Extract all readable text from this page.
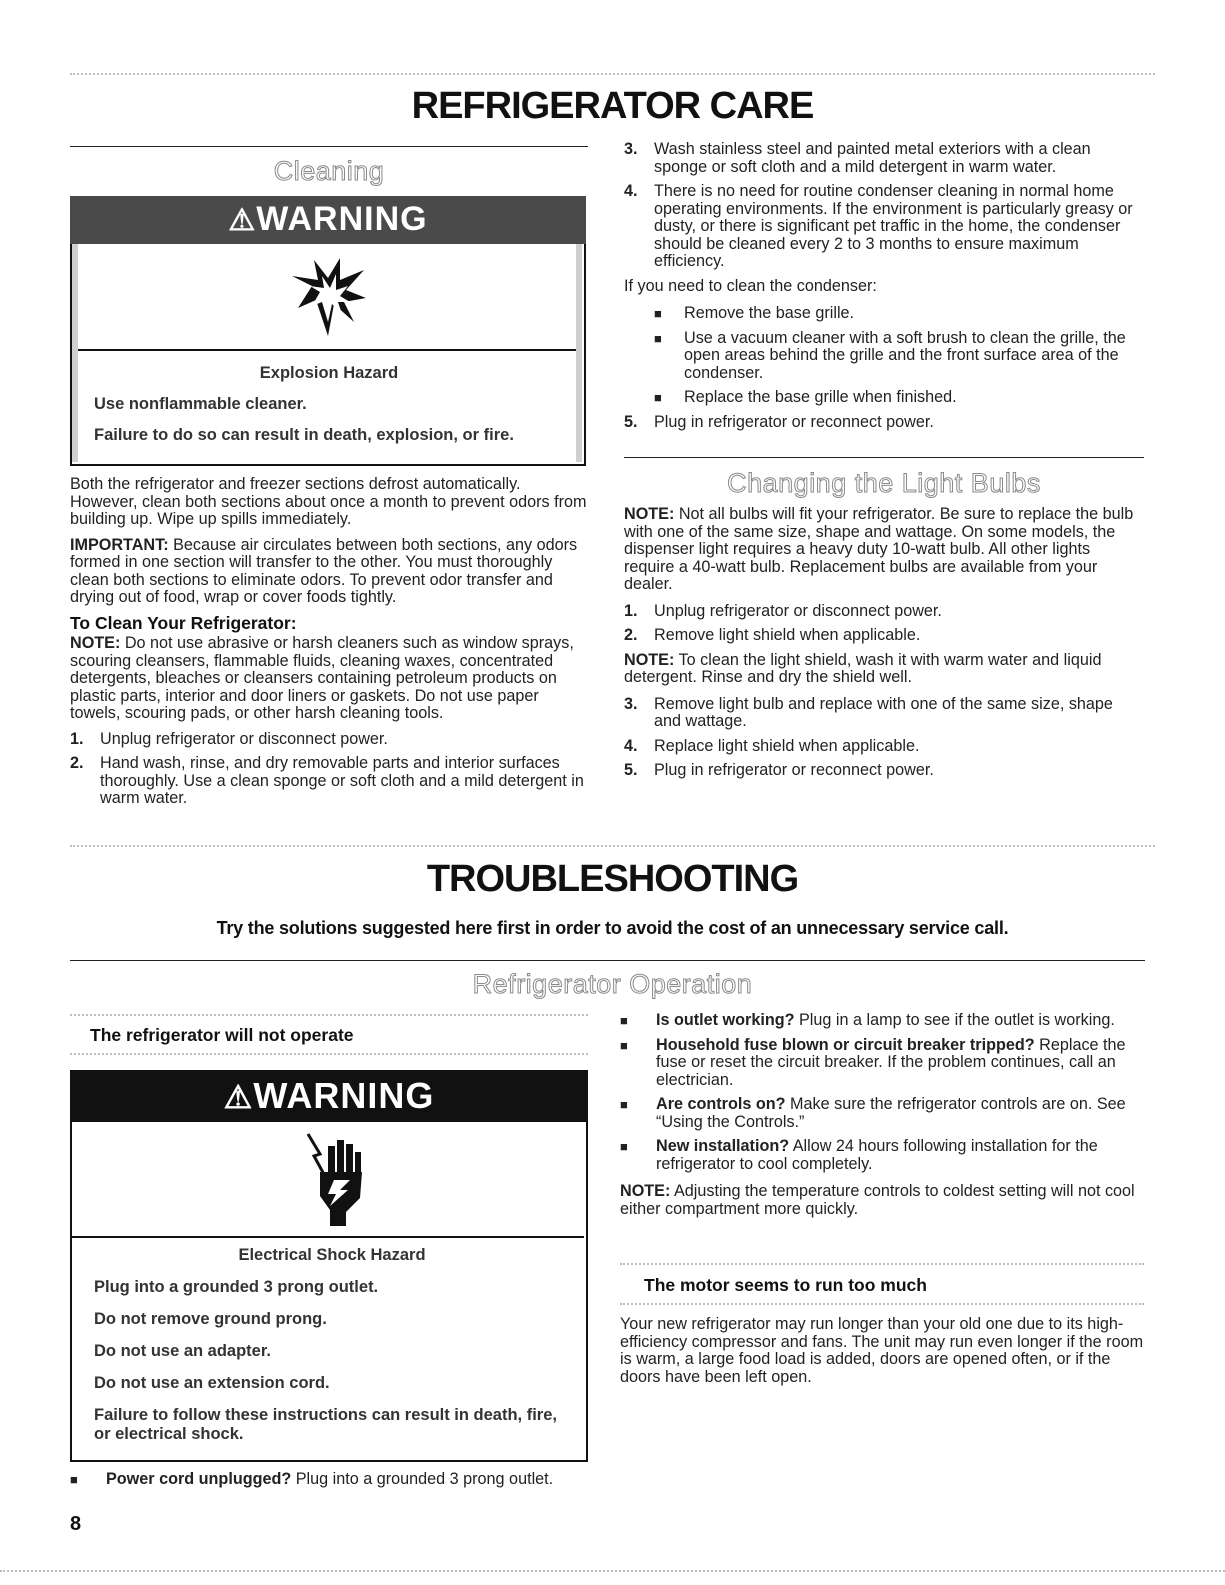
REFRIGERATOR CARE
Cleaning
⚠WARNING

Explosion Hazard

Use nonflammable cleaner.

Failure to do so can result in death, explosion, or fire.

Both the refrigerator and freezer sections defrost automatically. However, clean both sections about once a month to prevent odors from building up. Wipe up spills immediately.

IMPORTANT: Because air circulates between both sections, any odors formed in one section will transfer to the other. You must thoroughly clean both sections to eliminate odors. To prevent odor transfer and drying out of food, wrap or cover foods tightly.

To Clean Your Refrigerator:

NOTE: Do not use abrasive or harsh cleaners such as window sprays, scouring cleansers, flammable fluids, cleaning waxes, concentrated detergents, bleaches or cleansers containing petroleum products on plastic parts, interior and door liners or gaskets. Do not use paper towels, scouring pads, or other harsh cleaning tools.

1.	Unplug refrigerator or disconnect power.
2.	Hand wash, rinse, and dry removable parts and interior surfaces thoroughly. Use a clean sponge or soft cloth and a mild detergent in warm water.
3.	Wash stainless steel and painted metal exteriors with a clean sponge or soft cloth and a mild detergent in warm water.
4.	There is no need for routine condenser cleaning in normal home operating environments. If the environment is particularly greasy or dusty, or there is significant pet traffic in the home, the condenser should be cleaned every 2 to 3 months to ensure maximum efficiency.

If you need to clean the condenser:

■	Remove the base grille.
■	Use a vacuum cleaner with a soft brush to clean the grille, the open areas behind the grille and the front surface area of the condenser.
■	Replace the base grille when finished.
5.	Plug in refrigerator or reconnect power.
Changing the Light Bulbs

NOTE: Not all bulbs will fit your refrigerator. Be sure to replace the bulb with one of the same size, shape and wattage. On some models, the dispenser light requires a heavy duty 10-watt bulb. All other lights require a 40-watt bulb. Replacement bulbs are available from your dealer.

1.	Unplug refrigerator or disconnect power.
2.	Remove light shield when applicable.

NOTE: To clean the light shield, wash it with warm water and liquid detergent. Rinse and dry the shield well.

3.	Remove light bulb and replace with one of the same size, shape and wattage.
4.	Replace light shield when applicable.
5.	Plug in refrigerator or reconnect power.
TROUBLESHOOTING
Try the solutions suggested here first in order to avoid the cost of an unnecessary service call.
Refrigerator Operation
The refrigerator will not operate
⚠WARNING

Electrical Shock Hazard

Plug into a grounded 3 prong outlet.

Do not remove ground prong.

Do not use an adapter.

Do not use an extension cord.

Failure to follow these instructions can result in death, fire, or electrical shock.

■	Power cord unplugged? Plug into a grounded 3 prong outlet.
■	Is outlet working? Plug in a lamp to see if the outlet is working.
■	Household fuse blown or circuit breaker tripped? Replace the fuse or reset the circuit breaker. If the problem continues, call an electrician.
■	Are controls on? Make sure the refrigerator controls are on. See “Using the Controls.”
■	New installation? Allow 24 hours following installation for the refrigerator to cool completely.

NOTE: Adjusting the temperature controls to coldest setting will not cool either compartment more quickly.

The motor seems to run too much

Your new refrigerator may run longer than your old one due to its high-efficiency compressor and fans. The unit may run even longer if the room is warm, a large food load is added, doors are opened often, or if the doors have been left open.

8
